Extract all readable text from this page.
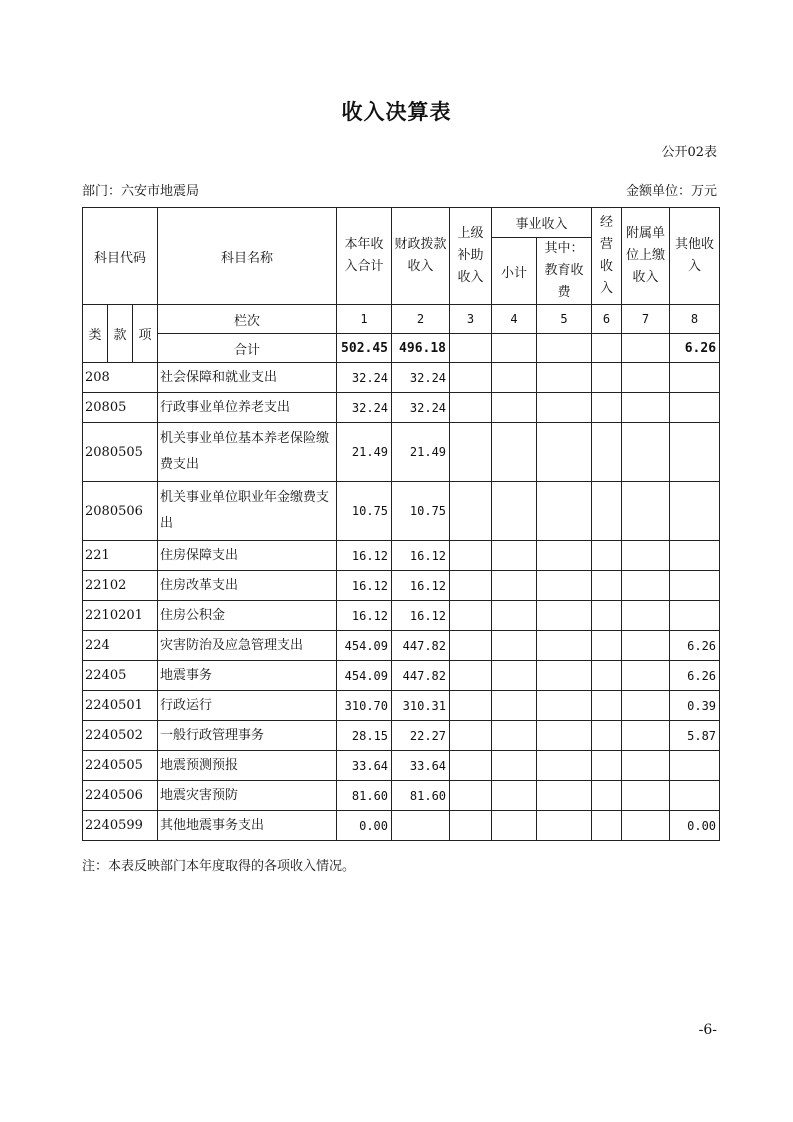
收入决算表
公开02表
部门：六安市地震局	金额单位：万元
科目代码			科目名称	本年收入合计	财政拨款收入	上级补助收入	事业收入		经营收入	附属单位上缴收入	其他收入
							小计	其中：教育收费			
类	款	项	栏次	1	2	3	4	5	6	7	8
			合计	502.45	496.18						6.26
208			社会保障和就业支出	32.24	32.24						
20805			行政事业单位养老支出	32.24	32.24						
2080505			机关事业单位基本养老保险缴费支出	21.49	21.49						
2080506			机关事业单位职业年金缴费支出	10.75	10.75						
221			住房保障支出	16.12	16.12						
22102			住房改革支出	16.12	16.12						
2210201			住房公积金	16.12	16.12						
224			灾害防治及应急管理支出	454.09	447.82						6.26
22405			地震事务	454.09	447.82						6.26
2240501			行政运行	310.70	310.31						0.39
2240502			一般行政管理事务	28.15	22.27						5.87
2240505			地震预测预报	33.64	33.64						
2240506			地震灾害预防	81.60	81.60						
2240599			其他地震事务支出	0.00							0.00
注：本表反映部门本年度取得的各项收入情况。
-6-
